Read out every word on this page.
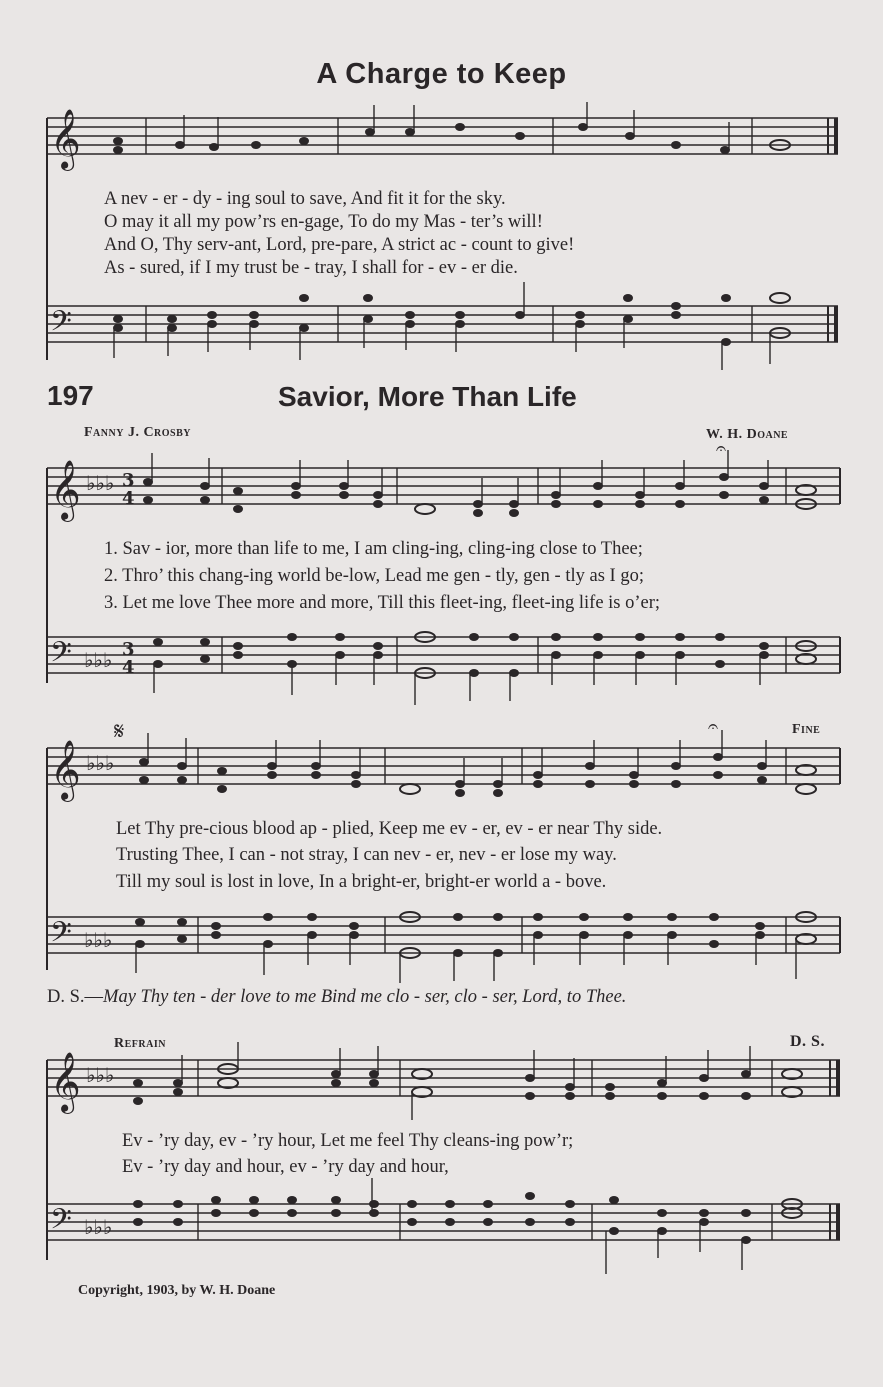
A Charge to Keep
𝄞
A nev - er - dy - ing soul to save, And fit it for the sky.
O may it all my pow’rs en-gage, To do my Mas - ter’s will!
And O, Thy serv-ant, Lord, pre-pare, A strict ac - count to give!
As - sured, if I my trust be - tray, I shall for - ev - er die.
𝄢
197	Savior, More Than Life
Fanny J. Crosby	W. H. Doane
𝄞 ♭♭♭ 3
4
𝄐
1. Sav - ior, more than life to me, I am cling-ing, cling-ing close to Thee;
2. Thro’ this chang-ing world be-low, Lead me gen - tly, gen - tly as I go;
3. Let me love Thee more and more, Till this fleet-ing, fleet-ing life is o’er;
𝄢 ♭♭♭ 3
4
𝄋	Fine
𝄞 ♭♭♭
𝄐
Let Thy pre-cious blood ap - plied, Keep me ev - er, ev - er near Thy side.
Trusting Thee, I can - not stray, I can nev - er, nev - er lose my way.
Till my soul is lost in love, In a bright-er, bright-er world a - bove.
𝄢 ♭♭♭
D. S.—May Thy ten - der love to me Bind me clo - ser, clo - ser, Lord, to Thee.
Refrain	D. S.
𝄞 ♭♭♭
Ev - ’ry day, ev - ’ry hour, Let me feel Thy cleans-ing pow’r;
Ev - ’ry day and hour, ev - ’ry day and hour,
𝄢 ♭♭♭
Copyright, 1903, by W. H. Doane
